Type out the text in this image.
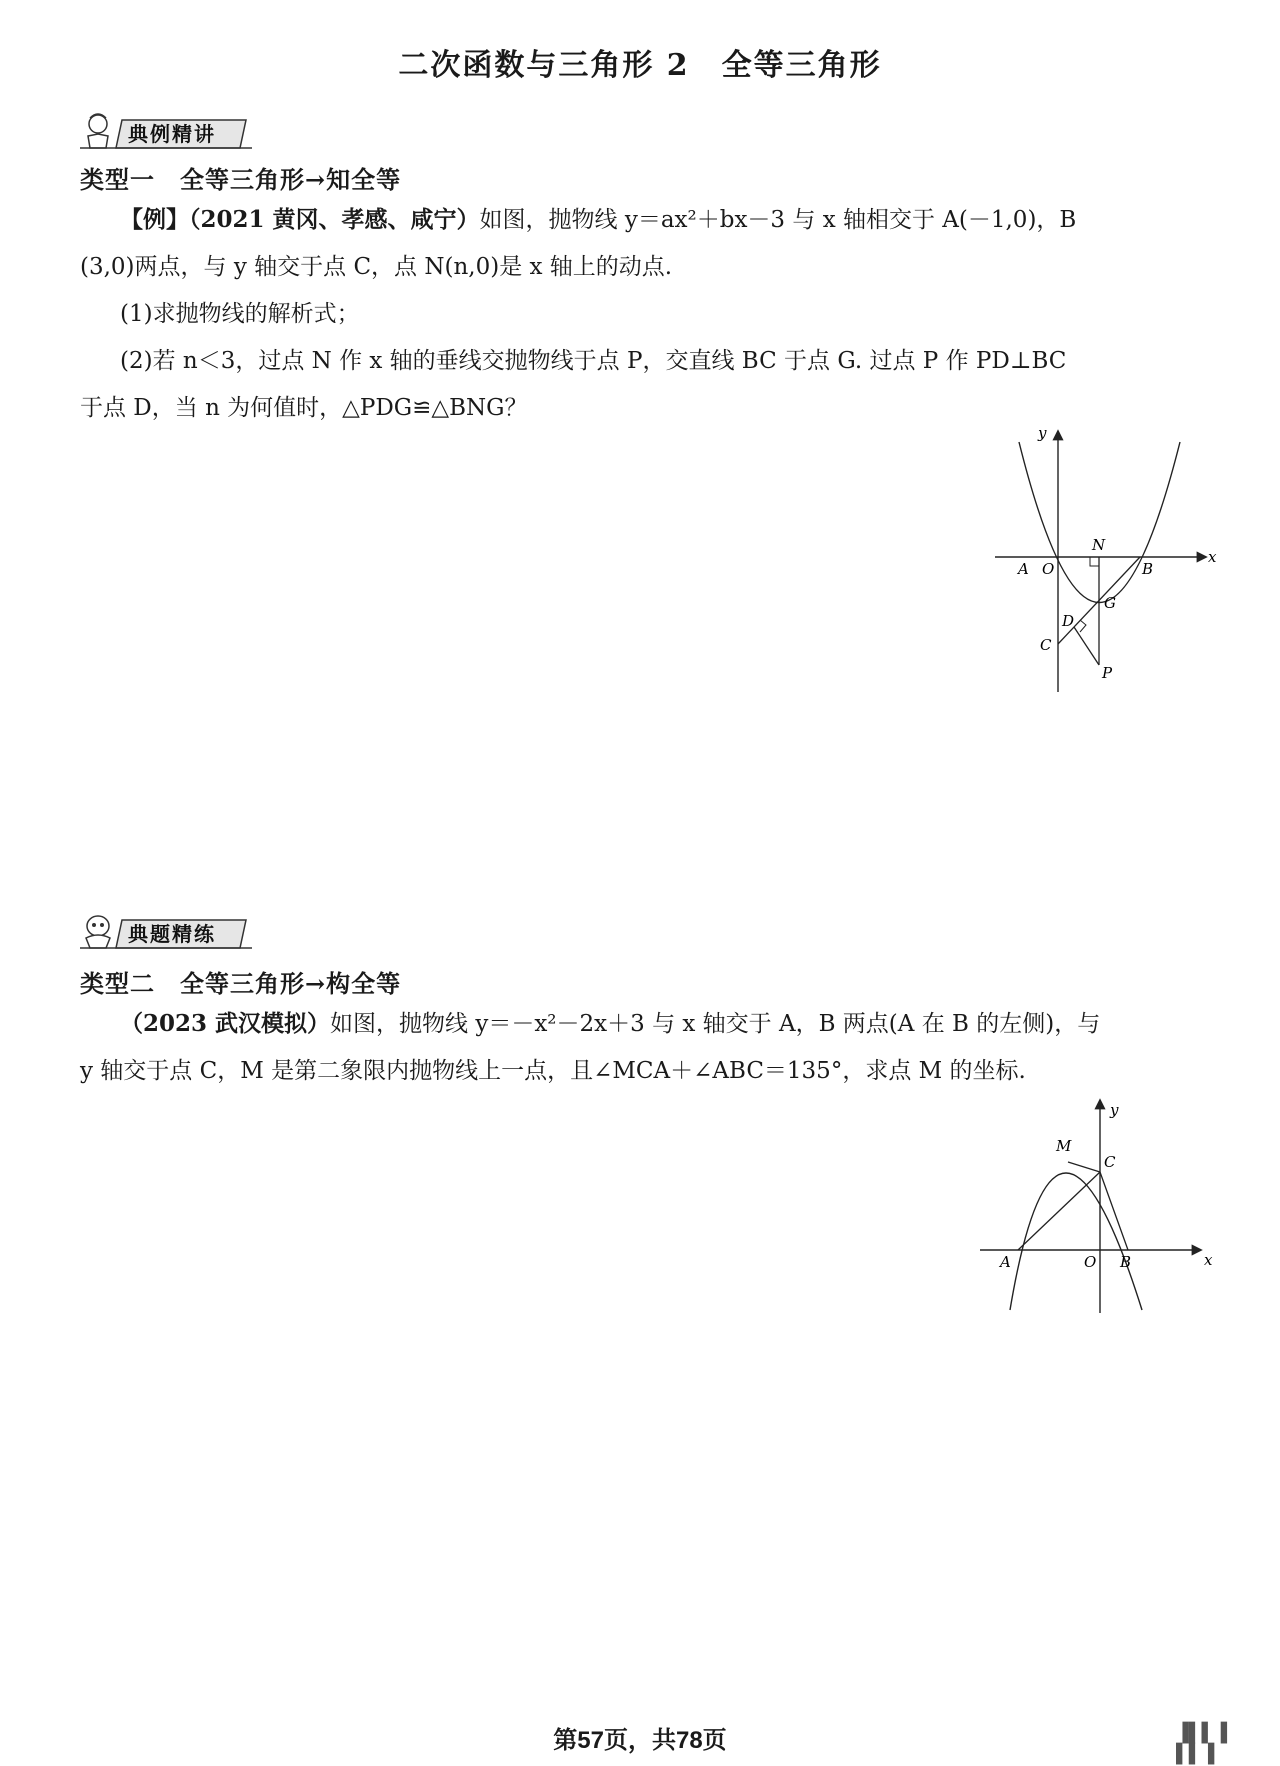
二次函数与三角形 2　全等三角形
典例精讲
类型一　全等三角形→知全等
【例】（2021 黄冈、孝感、咸宁）如图，抛物线 y＝ax²＋bx－3 与 x 轴相交于 A(－1,0)，B
(3,0)两点，与 y 轴交于点 C，点 N(n,0)是 x 轴上的动点.
(1)求抛物线的解析式；
(2)若 n＜3，过点 N 作 x 轴的垂线交抛物线于点 P，交直线 BC 于点 G. 过点 P 作 PD⊥BC
于点 D，当 n 为何值时，△PDG≌△BNG？
y
x
A O
N
B
G
D
C
P
典题精练
类型二　全等三角形→构全等
（2023 武汉模拟）如图，抛物线 y＝－x²－2x＋3 与 x 轴交于 A，B 两点(A 在 B 的左侧)，与
y 轴交于点 C，M 是第二象限内抛物线上一点，且∠MCA＋∠ABC＝135°，求点 M 的坐标.
y
x
M
C
A	O B
第57页，共78页	▐▌▌▐ ▌▌▐
